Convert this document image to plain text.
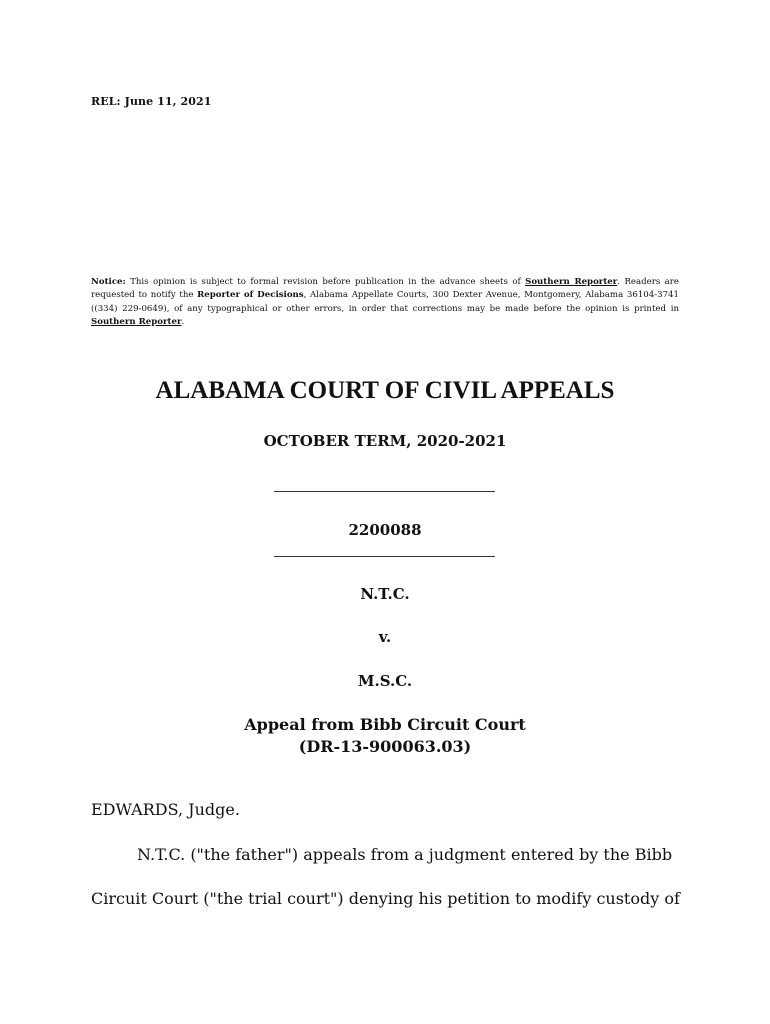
REL: June 11, 2021
Notice: This opinion is subject to formal revision before publication in the advance sheets of Southern Reporter. Readers are requested to notify the Reporter of Decisions, Alabama Appellate Courts, 300 Dexter Avenue, Montgomery, Alabama 36104-3741 ((334) 229-0649), of any typographical or other errors, in order that corrections may be made before the opinion is printed in Southern Reporter.
ALABAMA COURT OF CIVIL APPEALS
OCTOBER TERM, 2020-2021
2200088
N.T.C.
v.
M.S.C.
Appeal from Bibb Circuit Court
(DR-13-900063.03)
EDWARDS, Judge.
N.T.C. ("the father") appeals from a judgment entered by the Bibb
Circuit Court ("the trial court") denying his petition to modify custody of
